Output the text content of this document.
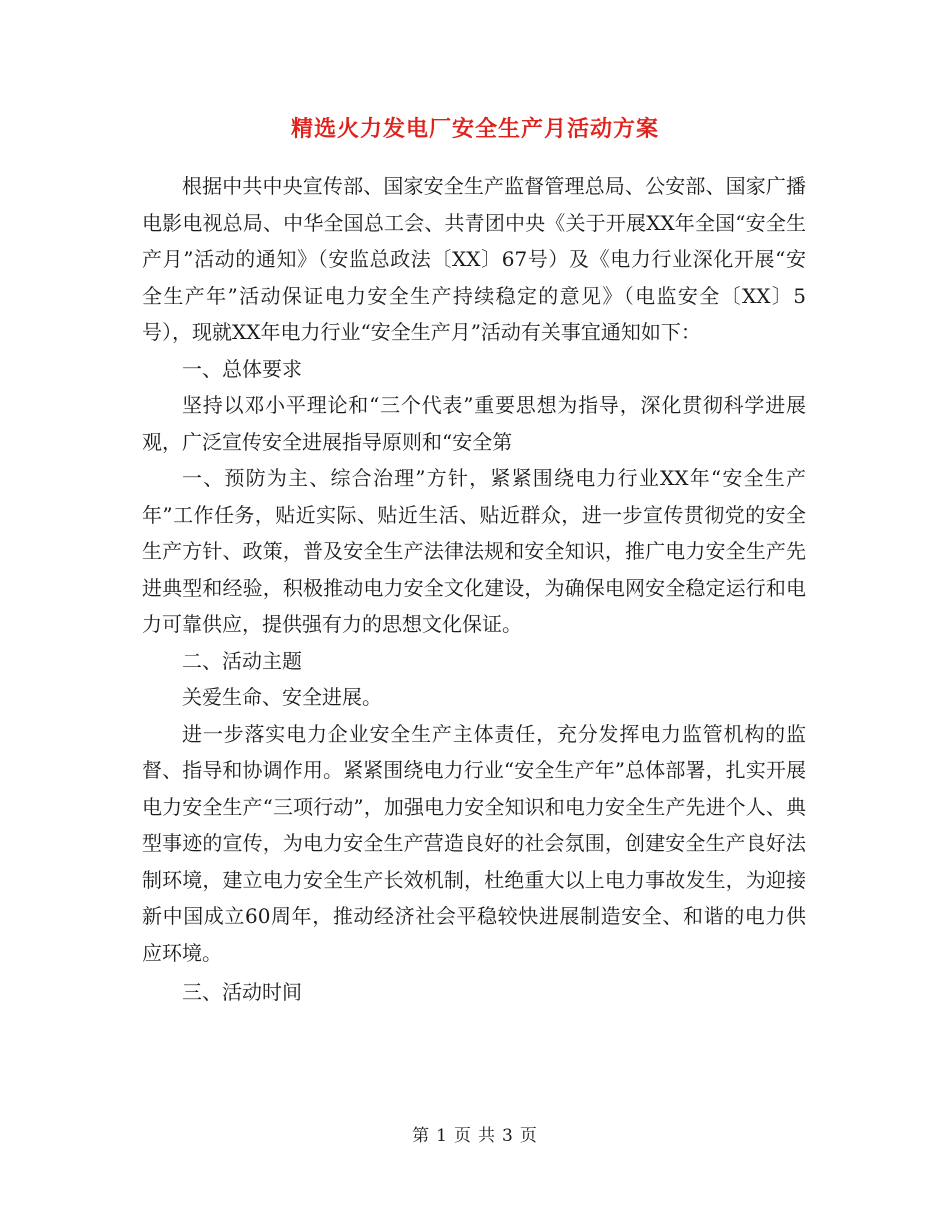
精选火力发电厂安全生产月活动方案

根据中共中央宣传部、国家安全生产监督管理总局、公安部、国家广播电影电视总局、中华全国总工会、共青团中央《关于开展XX年全国“安全生产月”活动的通知》（安监总政法〔XX〕67号）及《电力行业深化开展“安全生产年”活动保证电力安全生产持续稳定的意见》（电监安全〔XX〕5号），现就XX年电力行业“安全生产月”活动有关事宜通知如下：

一、总体要求

坚持以邓小平理论和“三个代表”重要思想为指导，深化贯彻科学进展观，广泛宣传安全进展指导原则和“安全第

一、预防为主、综合治理”方针，紧紧围绕电力行业XX年“安全生产年”工作任务，贴近实际、贴近生活、贴近群众，进一步宣传贯彻党的安全生产方针、政策，普及安全生产法律法规和安全知识，推广电力安全生产先进典型和经验，积极推动电力安全文化建设，为确保电网安全稳定运行和电力可靠供应，提供强有力的思想文化保证。

二、活动主题

关爱生命、安全进展。

进一步落实电力企业安全生产主体责任，充分发挥电力监管机构的监督、指导和协调作用。紧紧围绕电力行业“安全生产年”总体部署，扎实开展电力安全生产“三项行动”，加强电力安全知识和电力安全生产先进个人、典型事迹的宣传，为电力安全生产营造良好的社会氛围，创建安全生产良好法制环境，建立电力安全生产长效机制，杜绝重大以上电力事故发生，为迎接新中国成立60周年，推动经济社会平稳较快进展制造安全、和谐的电力供应环境。

三、活动时间

第 1 页 共 3 页
